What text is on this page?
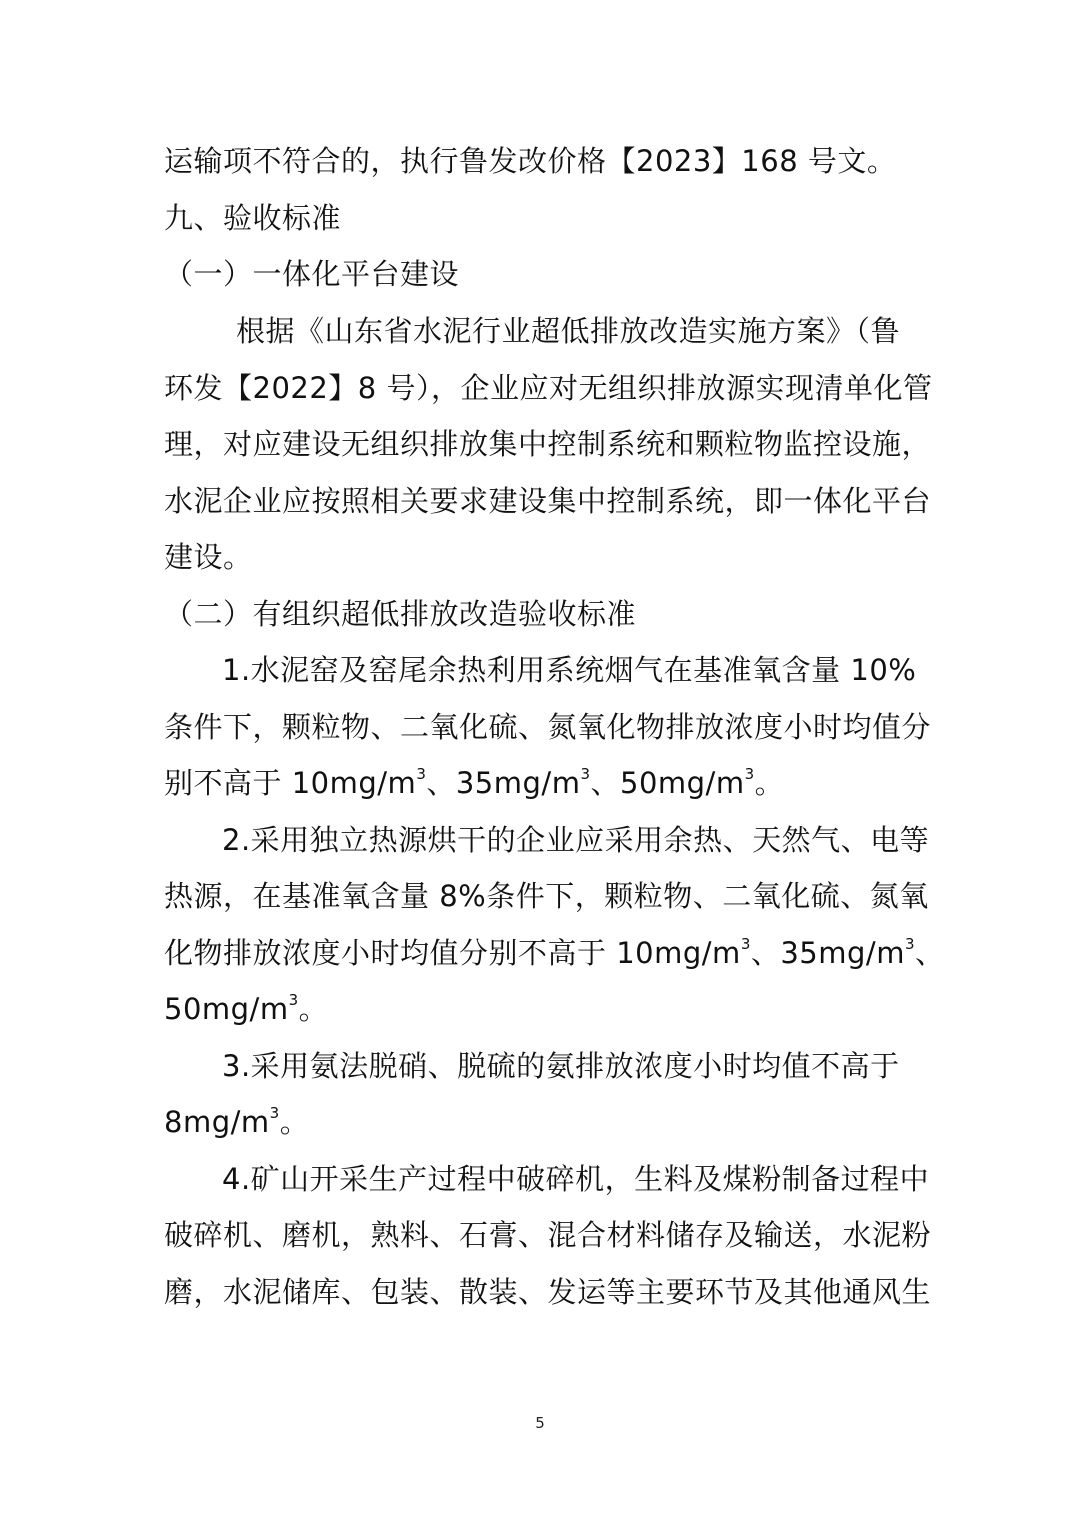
运输项不符合的，执行鲁发改价格【2023】168 号文。
九、验收标准
（一）一体化平台建设
根据《山东省水泥行业超低排放改造实施方案》（鲁
环发【2022】8 号），企业应对无组织排放源实现清单化管
理，对应建设无组织排放集中控制系统和颗粒物监控设施，
水泥企业应按照相关要求建设集中控制系统，即一体化平台
建设。
（二）有组织超低排放改造验收标准
1.水泥窑及窑尾余热利用系统烟气在基准氧含量 10%
条件下，颗粒物、二氧化硫、氮氧化物排放浓度小时均值分
别不高于 $10mg/m^3$、$35mg/m^3$、$50mg/m^3$。
2.采用独立热源烘干的企业应采用余热、天然气、电等
热源，在基准氧含量 8%条件下，颗粒物、二氧化硫、氮氧
化物排放浓度小时均值分别不高于 $10mg/m^3$、$35mg/m^3$、
$50mg/m^3$。
3.采用氨法脱硝、脱硫的氨排放浓度小时均值不高于
$8mg/m^3$。
4.矿山开采生产过程中破碎机，生料及煤粉制备过程中
破碎机、磨机，熟料、石膏、混合材料储存及输送，水泥粉
磨，水泥储库、包装、散装、发运等主要环节及其他通风生
5
